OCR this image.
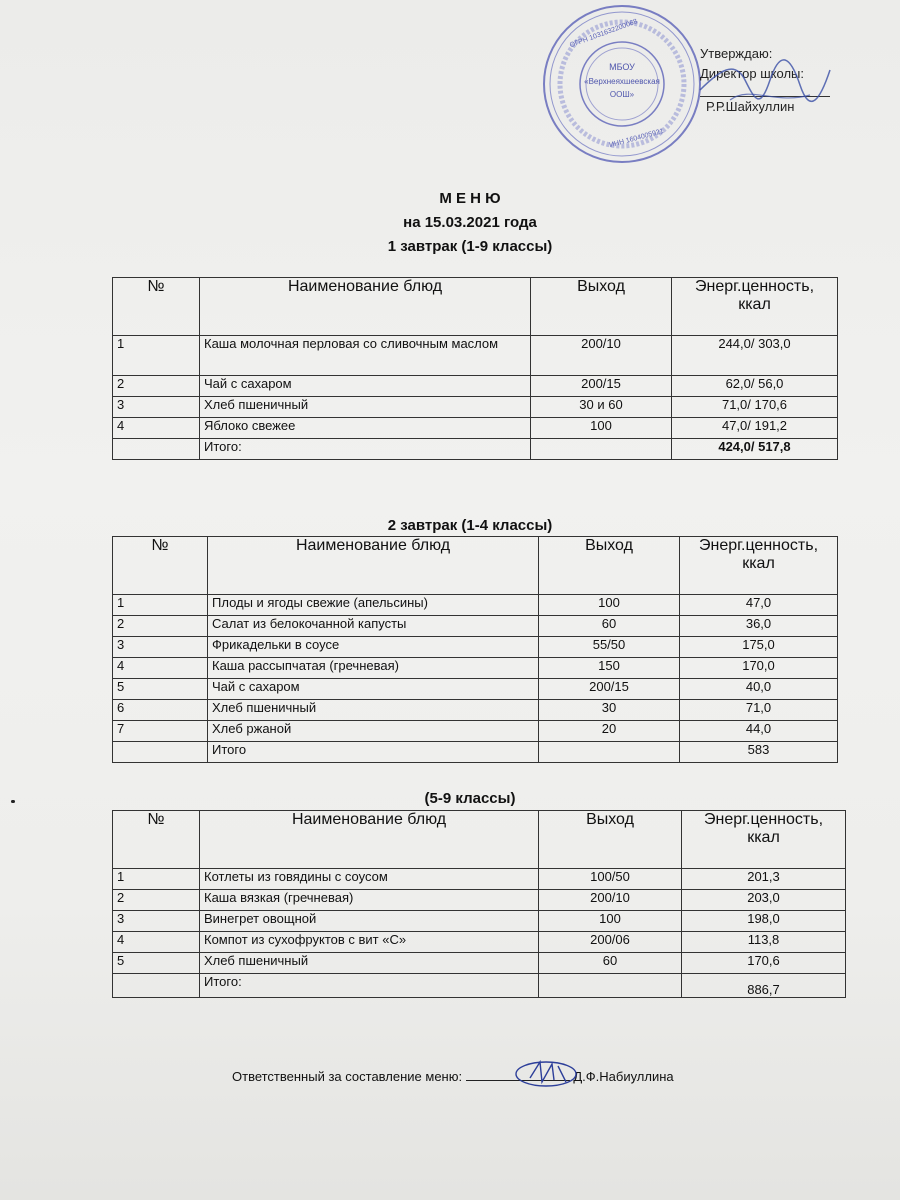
МБОУ
«Верхнеяхшеевская
ООШ»
ОГРН 1031632200068
ИНН 1604005921
Утверждаю:
Директор школы:
Р.Р.Шайхуллин
М Е Н Ю
на 15.03.2021 года
1 завтрак (1-9 классы)
№	Наименование блюд	Выход	Энерг.ценность,
ккал

1	Каша молочная перловая со сливочным маслом	200/10	244,0/ 303,0
2	Чай с сахаром	200/15	62,0/ 56,0
3	Хлеб пшеничный	30 и 60	71,0/ 170,6
4	Яблоко свежее	100	47,0/ 191,2
	Итого:		424,0/ 517,8
2 завтрак (1-4 классы)
№	Наименование блюд	Выход	Энерг.ценность,
ккал

1	Плоды и ягоды свежие (апельсины)	100	47,0
2	Салат из белокочанной капусты	60	36,0
3	Фрикадельки в соусе	55/50	175,0
4	Каша рассыпчатая (гречневая)	150	170,0
5	Чай с сахаром	200/15	40,0
6	Хлеб пшеничный	30	71,0
7	Хлеб ржаной	20	44,0
	Итого		583
(5-9 классы)
№	Наименование блюд	Выход	Энерг.ценность,
ккал

1	Котлеты из говядины с соусом	100/50	201,3
2	Каша вязкая (гречневая)	200/10	203,0
3	Винегрет овощной	100	198,0
4	Компот из сухофруктов с вит «С»	200/06	113,8
5	Хлеб пшеничный	60	170,6
	Итого:		886,7
Ответственный за составление меню:	Д.Ф.Набиуллина
